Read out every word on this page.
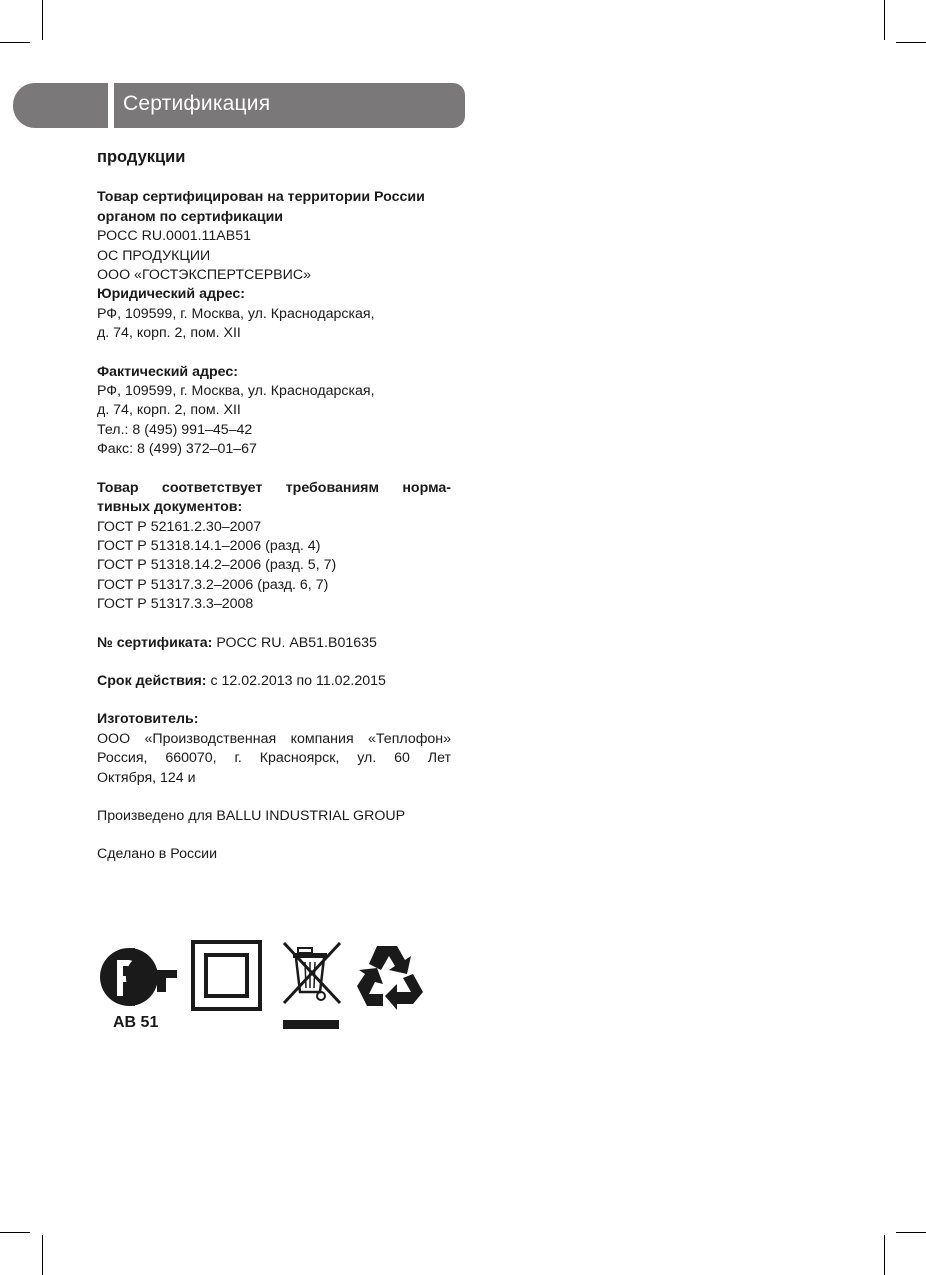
Сертификация

продукции

Товар сертифицирован на территории России органом по сертификации

РОСС RU.0001.11АВ51

ОС ПРОДУКЦИИ

ООО «ГОСТЭКСПЕРТСЕРВИС»

Юридический адрес:

РФ, 109599, г. Москва, ул. Краснодарская,

д. 74, корп. 2, пом. XII

Фактический адрес:

РФ, 109599, г. Москва, ул. Краснодарская,

д. 74, корп. 2, пом. XII

Тел.: 8 (495) 991–45–42

Факс: 8 (499) 372–01–67

Товар соответствует требованиям норма-

тивных документов:

ГОСТ Р 52161.2.30–2007

ГОСТ Р 51318.14.1–2006 (разд. 4)

ГОСТ Р 51318.14.2–2006 (разд. 5, 7)

ГОСТ Р 51317.3.2–2006 (разд. 6, 7)

ГОСТ Р 51317.3.3–2008

№ сертификата: РОСС RU. АВ51.В01635

Срок действия: с 12.02.2013 по 11.02.2015

Изготовитель:

ООО «Производственная компания «Теплофон»

Россия, 660070, г. Красноярск, ул. 60 Лет

Октября, 124 и

Произведено для BALLU INDUSTRIAL GROUP

Сделано в России

AB 51
